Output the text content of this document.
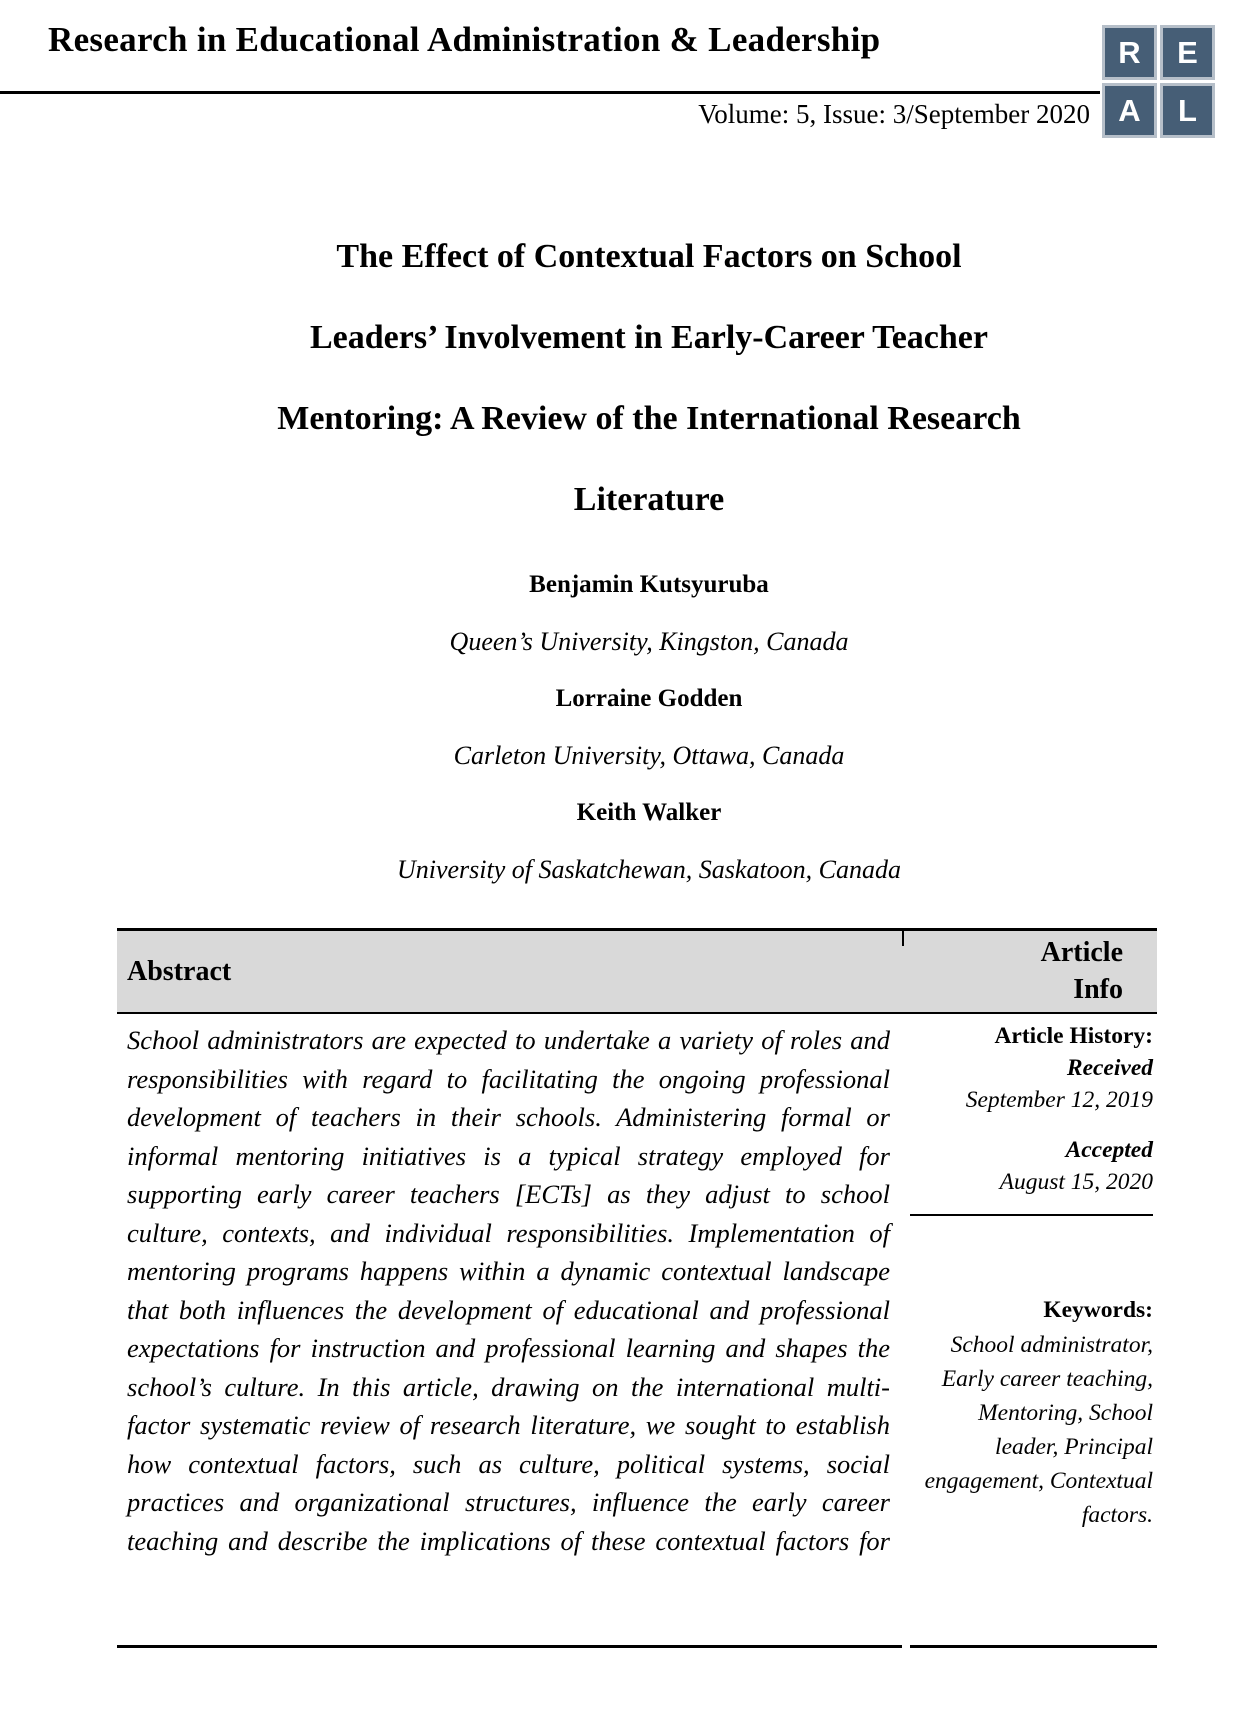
Research in Educational Administration & Leadership
Volume: 5, Issue: 3/September 2020
R	E
A	L
The Effect of Contextual Factors on School
Leaders’ Involvement in Early-Career Teacher
Mentoring: A Review of the International Research
Literature
Benjamin Kutsyuruba
Queen’s University, Kingston, Canada
Lorraine Godden
Carleton University, Ottawa, Canada
Keith Walker
University of Saskatchewan, Saskatoon, Canada
Abstract
Article Info
School administrators are expected to undertake a variety of roles and responsibilities with regard to facilitating the ongoing professional development of teachers in their schools. Administering formal or informal mentoring initiatives is a typical strategy employed for supporting early career teachers [ECTs] as they adjust to school culture, contexts, and individual responsibilities. Implementation of mentoring programs happens within a dynamic contextual landscape that both influences the development of educational and professional expectations for instruction and professional learning and shapes the school’s culture. In this article, drawing on the international multi-factor systematic review of research literature, we sought to establish how contextual factors, such as culture, political systems, social practices and organizational structures, influence the early career teaching and describe the implications of these contextual factors for
Article History:
Received
September 12, 2019
Accepted
August 15, 2020
Keywords:
School administrator, Early career teaching, Mentoring, School leader, Principal engagement, Contextual factors.
